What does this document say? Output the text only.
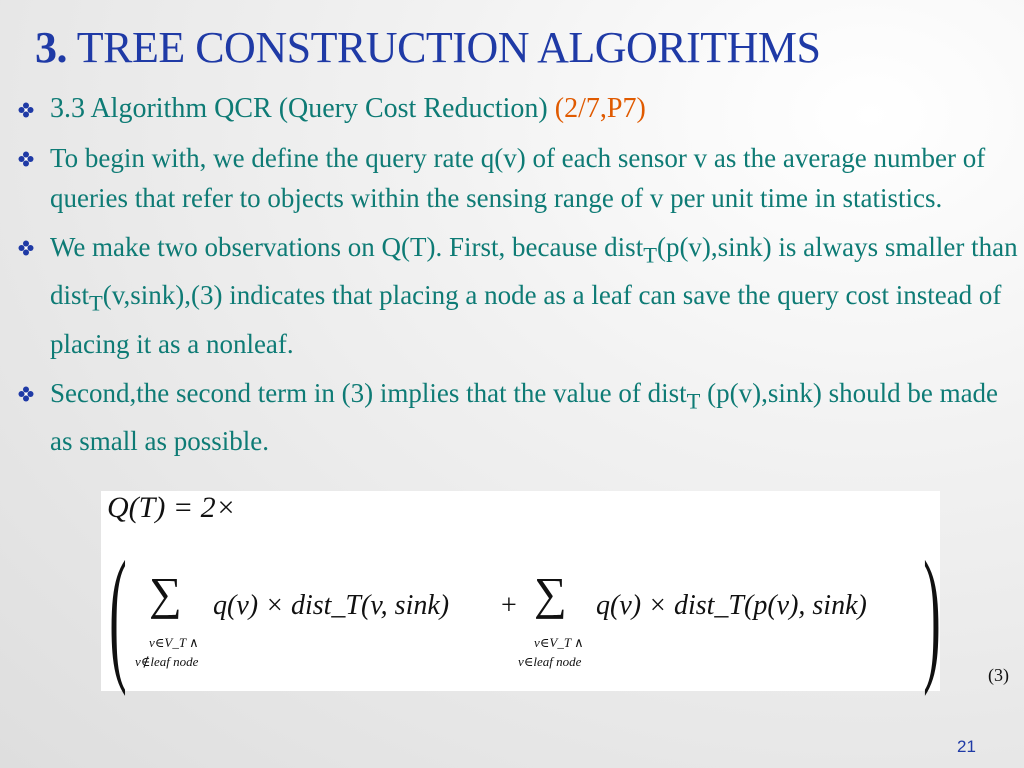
3. TREE CONSTRUCTION ALGORITHMS
3.3 Algorithm QCR (Query Cost Reduction) (2/7,P7)
To begin with, we define the query rate q(v) of each sensor v as the average number of queries that refer to objects within the sensing range of v per unit time in statistics.
We make two observations on Q(T). First, because dist$_T$(p(v),sink) is always smaller than dist$_T$(v,sink),(3) indicates that placing a node as a leaf can save the query cost instead of placing it as a nonleaf.
Second,the second term in (3) implies that the value of dist$_T$ (p(v),sink) should be made as small as possible.
Q(T) = 2×
( ∑ q(v) × dist_T(v, sink) + ∑ q(v) × dist_T(p(v), sink)
v∈V_T ∧
v∉leaf node
v∈V_T ∧
v∈leaf node )	(3)
21
